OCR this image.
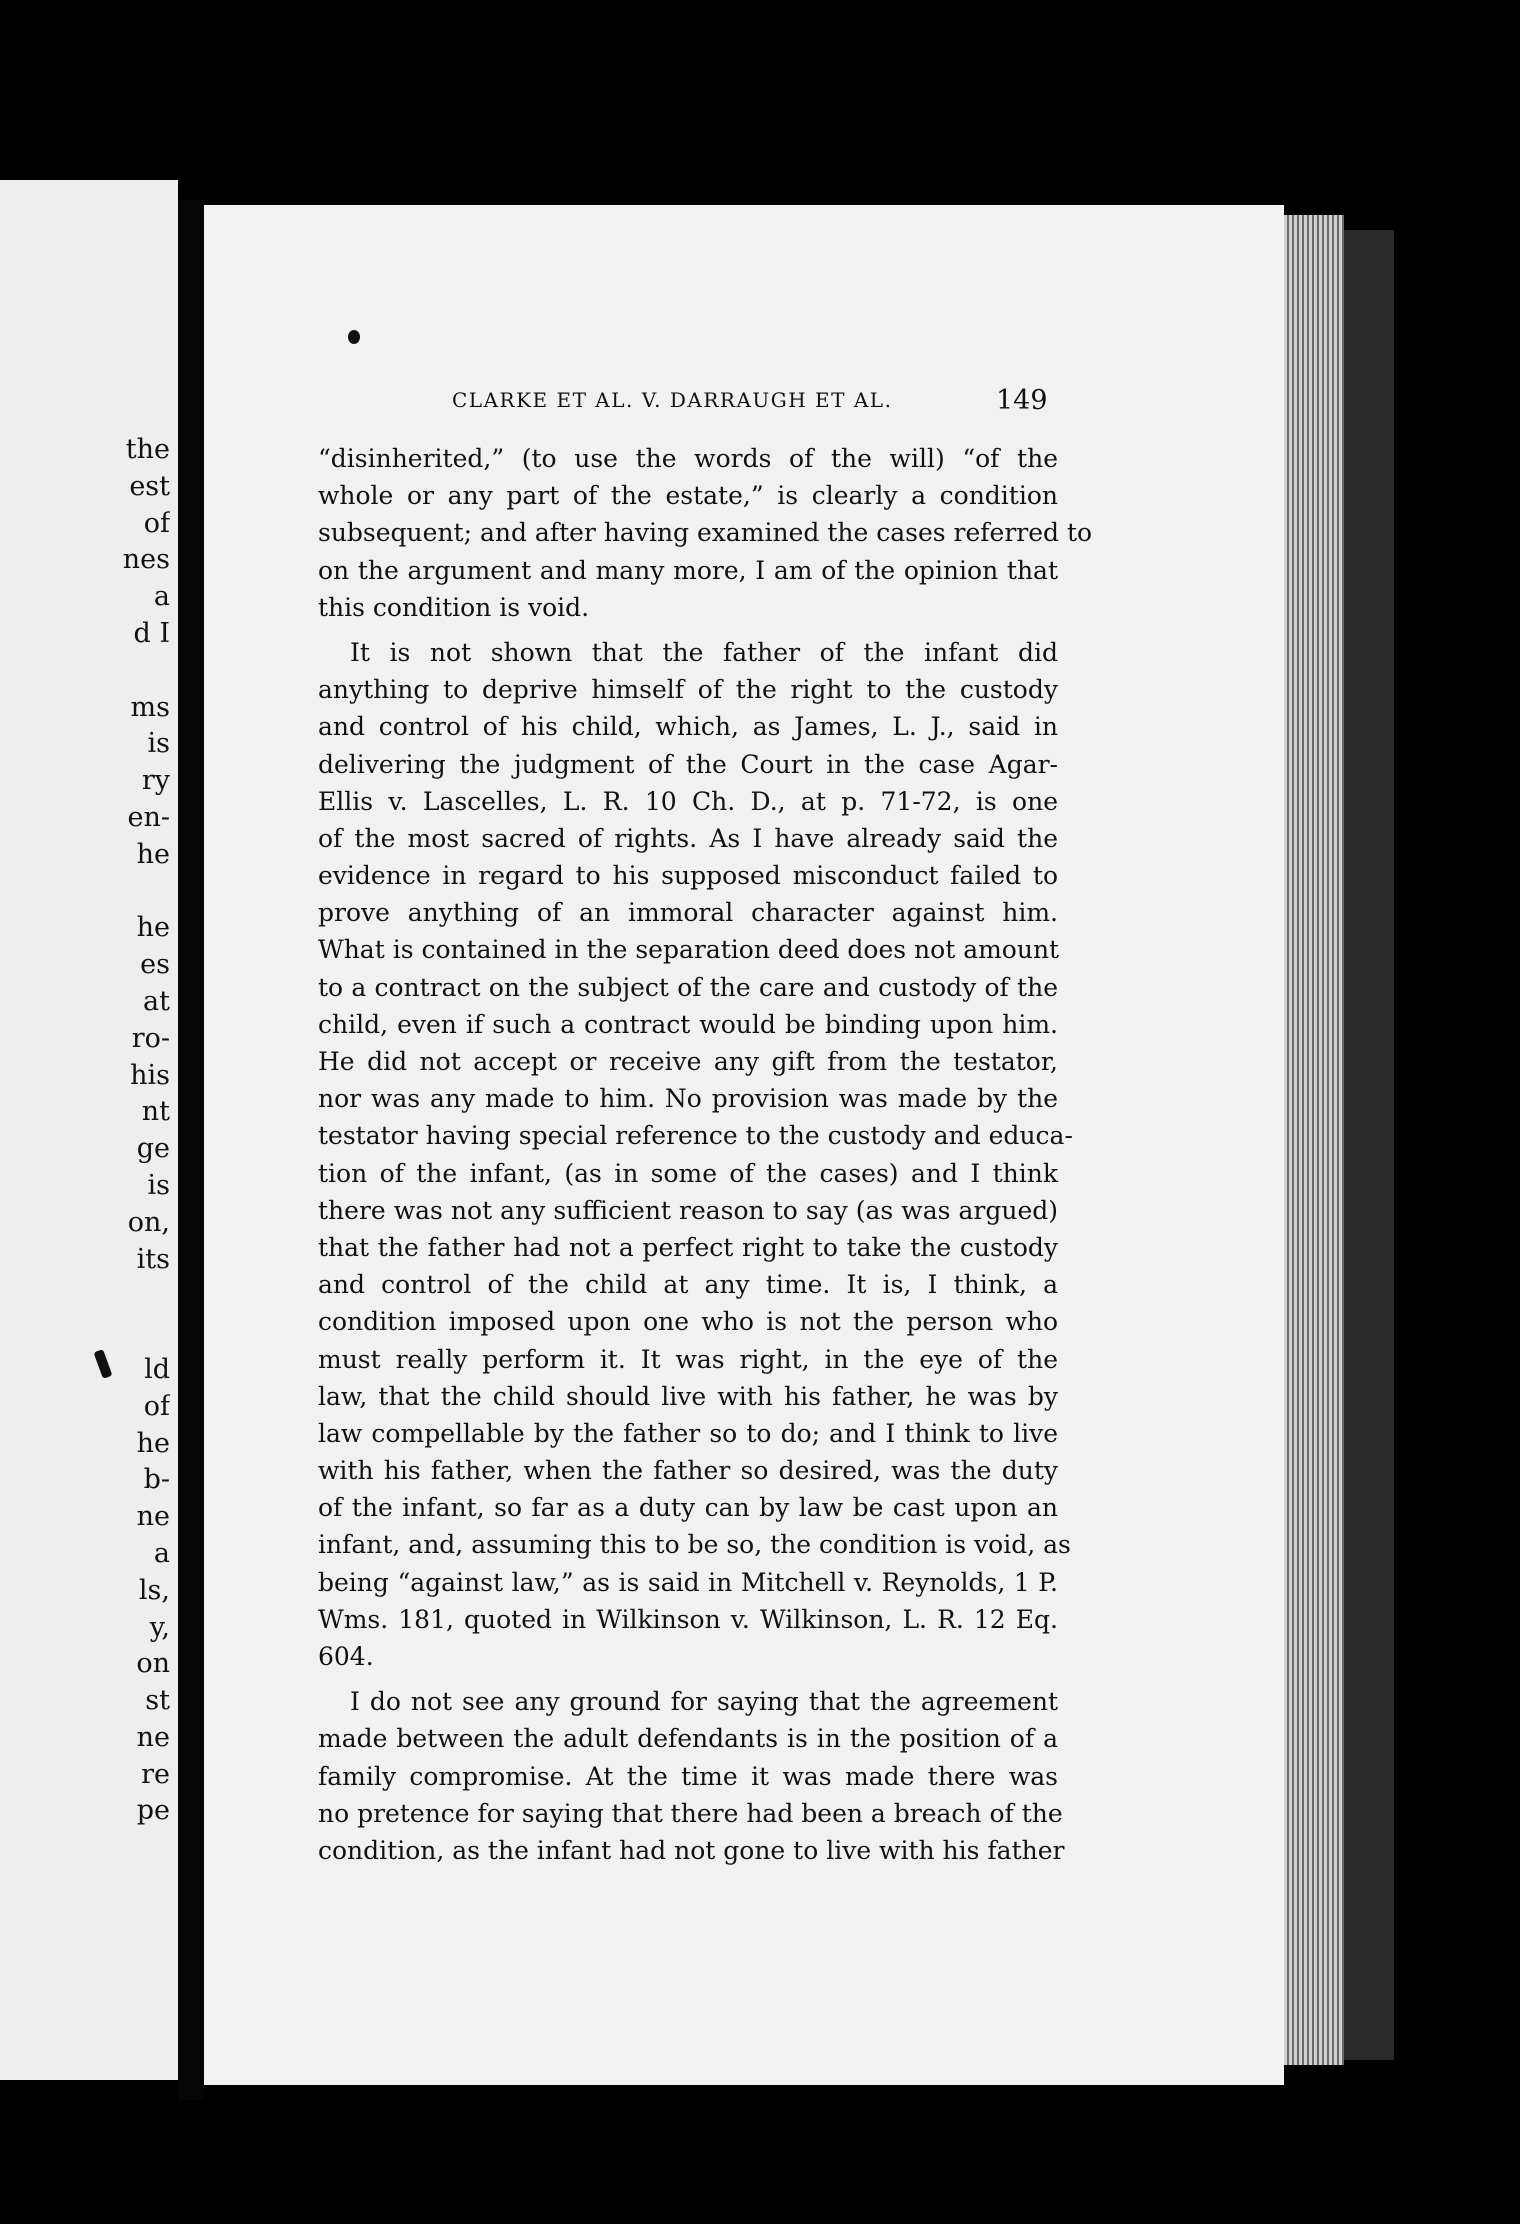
the
est
of
nes
a
d I
ms
is
ry
en-
he
he
es
at
ro-
his
nt
ge
is
on,
its
ld
of
he
b-
ne
a
ls,
y,
on
st
ne
re
pe
CLARKE ET AL. V. DARRAUGH ET AL.	149
“disinherited,” (to use the words of the will) “of the
whole or any part of the estate,” is clearly a condition
subsequent; and after having examined the cases referred to
on the argument and many more, I am of the opinion that
this condition is void.
It is not shown that the father of the infant did
anything to deprive himself of the right to the custody
and control of his child, which, as James, L. J., said in
delivering the judgment of the Court in the case Agar-
Ellis v. Lascelles, L. R. 10 Ch. D., at p. 71-72, is one
of the most sacred of rights. As I have already said the
evidence in regard to his supposed misconduct failed to
prove anything of an immoral character against him.
What is contained in the separation deed does not amount
to a contract on the subject of the care and custody of the
child, even if such a contract would be binding upon him.
He did not accept or receive any gift from the testator,
nor was any made to him. No provision was made by the
testator having special reference to the custody and educa-
tion of the infant, (as in some of the cases) and I think
there was not any sufficient reason to say (as was argued)
that the father had not a perfect right to take the custody
and control of the child at any time. It is, I think, a
condition imposed upon one who is not the person who
must really perform it. It was right, in the eye of the
law, that the child should live with his father, he was by
law compellable by the father so to do; and I think to live
with his father, when the father so desired, was the duty
of the infant, so far as a duty can by law be cast upon an
infant, and, assuming this to be so, the condition is void, as
being “against law,” as is said in Mitchell v. Reynolds, 1 P.
Wms. 181, quoted in Wilkinson v. Wilkinson, L. R. 12 Eq.
604.
I do not see any ground for saying that the agreement
made between the adult defendants is in the position of a
family compromise. At the time it was made there was
no pretence for saying that there had been a breach of the
condition, as the infant had not gone to live with his father
